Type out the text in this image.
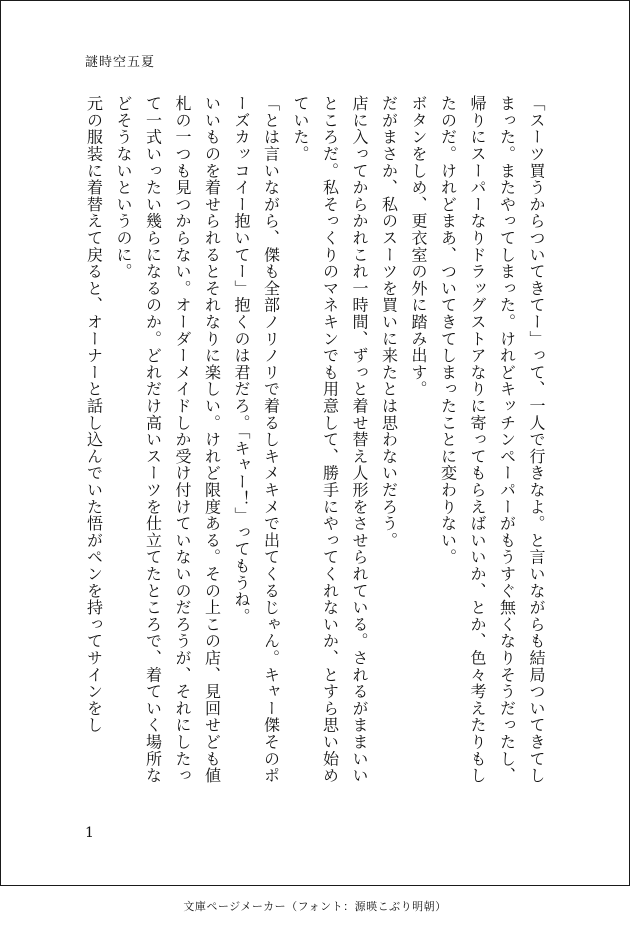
謎時空五夏

「スーツ買うからついてきてー」って、一人で行きなよ。と言いながらも結局ついてきてしまった。またやってしまった。けれどキッチンペーパーがもうすぐ無くなりそうだったし、帰りにスーパーなりドラッグストアなりに寄ってもらえばいいか、とか、色々考えたりもしたのだ。けれどまあ、ついてきてしまったことに変わりない。

ボタンをしめ、更衣室の外に踏み出す。

だがまさか、私のスーツを買いに来たとは思わないだろう。

店に入ってからかれこれ一時間、ずっと着せ替え人形をさせられている。されるがままいいところだ。私そっくりのマネキンでも用意して、勝手にやってくれないか、とすら思い始めていた。

「とは言いながら、傑も全部ノリノリで着るしキメキメで出てくるじゃん。キャー傑そのポーズカッコイー抱いてー」抱くのは君だろ。「キャー！」ってもうね。

いいものを着せられるとそれなりに楽しい。けれど限度ある。その上この店、見回せども値札の一つも見つからない。オーダーメイドしか受け付けていないのだろうが、それにしたって一式いったい幾らになるのか。どれだけ高いスーツを仕立てたところで、着ていく場所などそうないというのに。

元の服装に着替えて戻ると、オーナーと話し込んでいた悟がペンを持ってサインをし

1
文庫ページメーカー（フォント：源暎こぶり明朝）
